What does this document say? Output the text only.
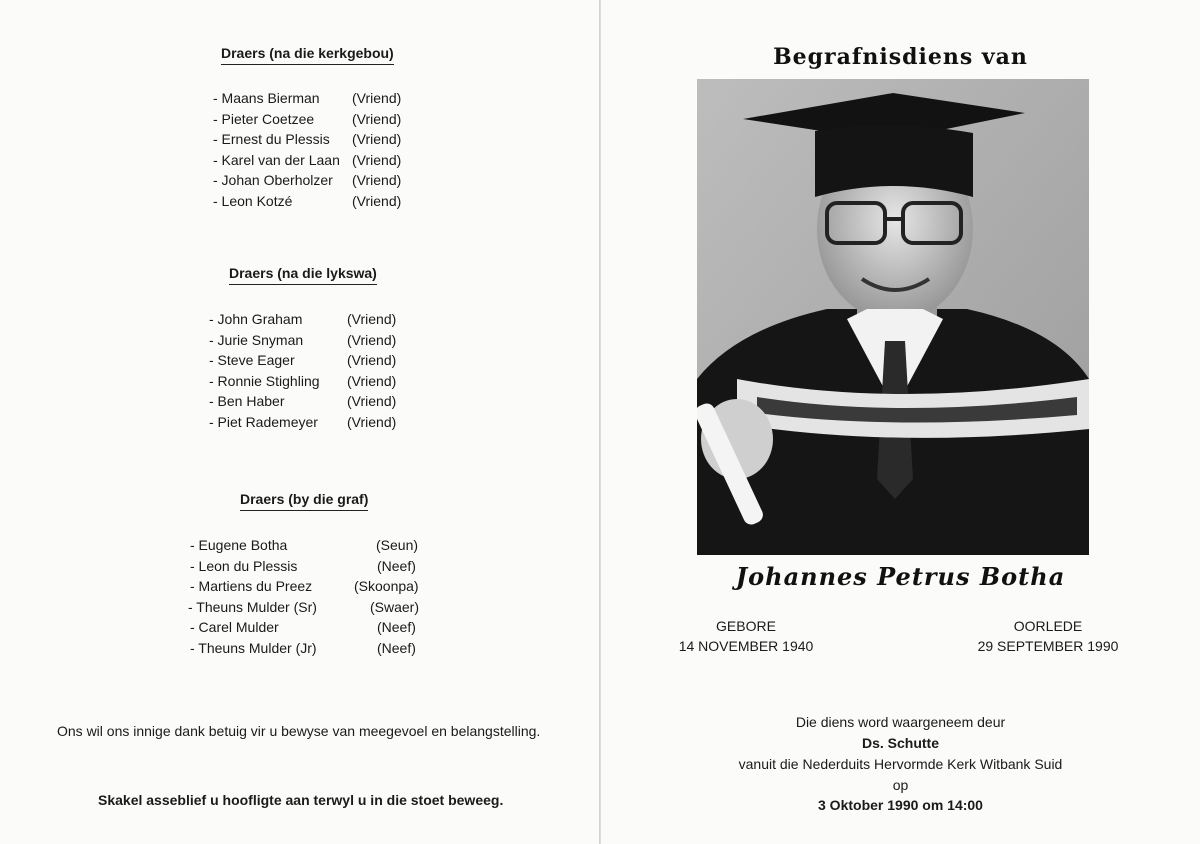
Draers (na die kerkgebou)
- Maans Bierman (Vriend)
- Pieter Coetzee	(Vriend)
- Ernest du Plessis (Vriend)
- Karel van der Laan (Vriend)
- Johan Oberholzer (Vriend)
- Leon Kotzé	(Vriend)
Draers (na die lykswa)
- John Graham	(Vriend)
- Jurie Snyman	(Vriend)
- Steve Eager	(Vriend)
- Ronnie Stighling (Vriend)
- Ben Haber	(Vriend)
- Piet Rademeyer (Vriend)
Draers (by die graf)
- Eugene Botha	(Seun)
- Leon du Plessis	(Neef)
- Martiens du Preez	(Skoonpa)
- Theuns Mulder (Sr)	(Swaer)
- Carel Mulder	(Neef)
- Theuns Mulder (Jr)	(Neef)
Ons wil ons innige dank betuig vir u bewyse van meegevoel en belangstelling.
Skakel asseblief u hoofligte aan terwyl u in die stoet beweeg.
Begrafnisdiens van
Johannes Petrus Botha
GEBORE
14 NOVEMBER 1940
OORLEDE
29 SEPTEMBER 1990
Die diens word waargeneem deur
Ds. Schutte
vanuit die Nederduits Hervormde Kerk Witbank Suid
op
3 Oktober 1990 om 14:00
